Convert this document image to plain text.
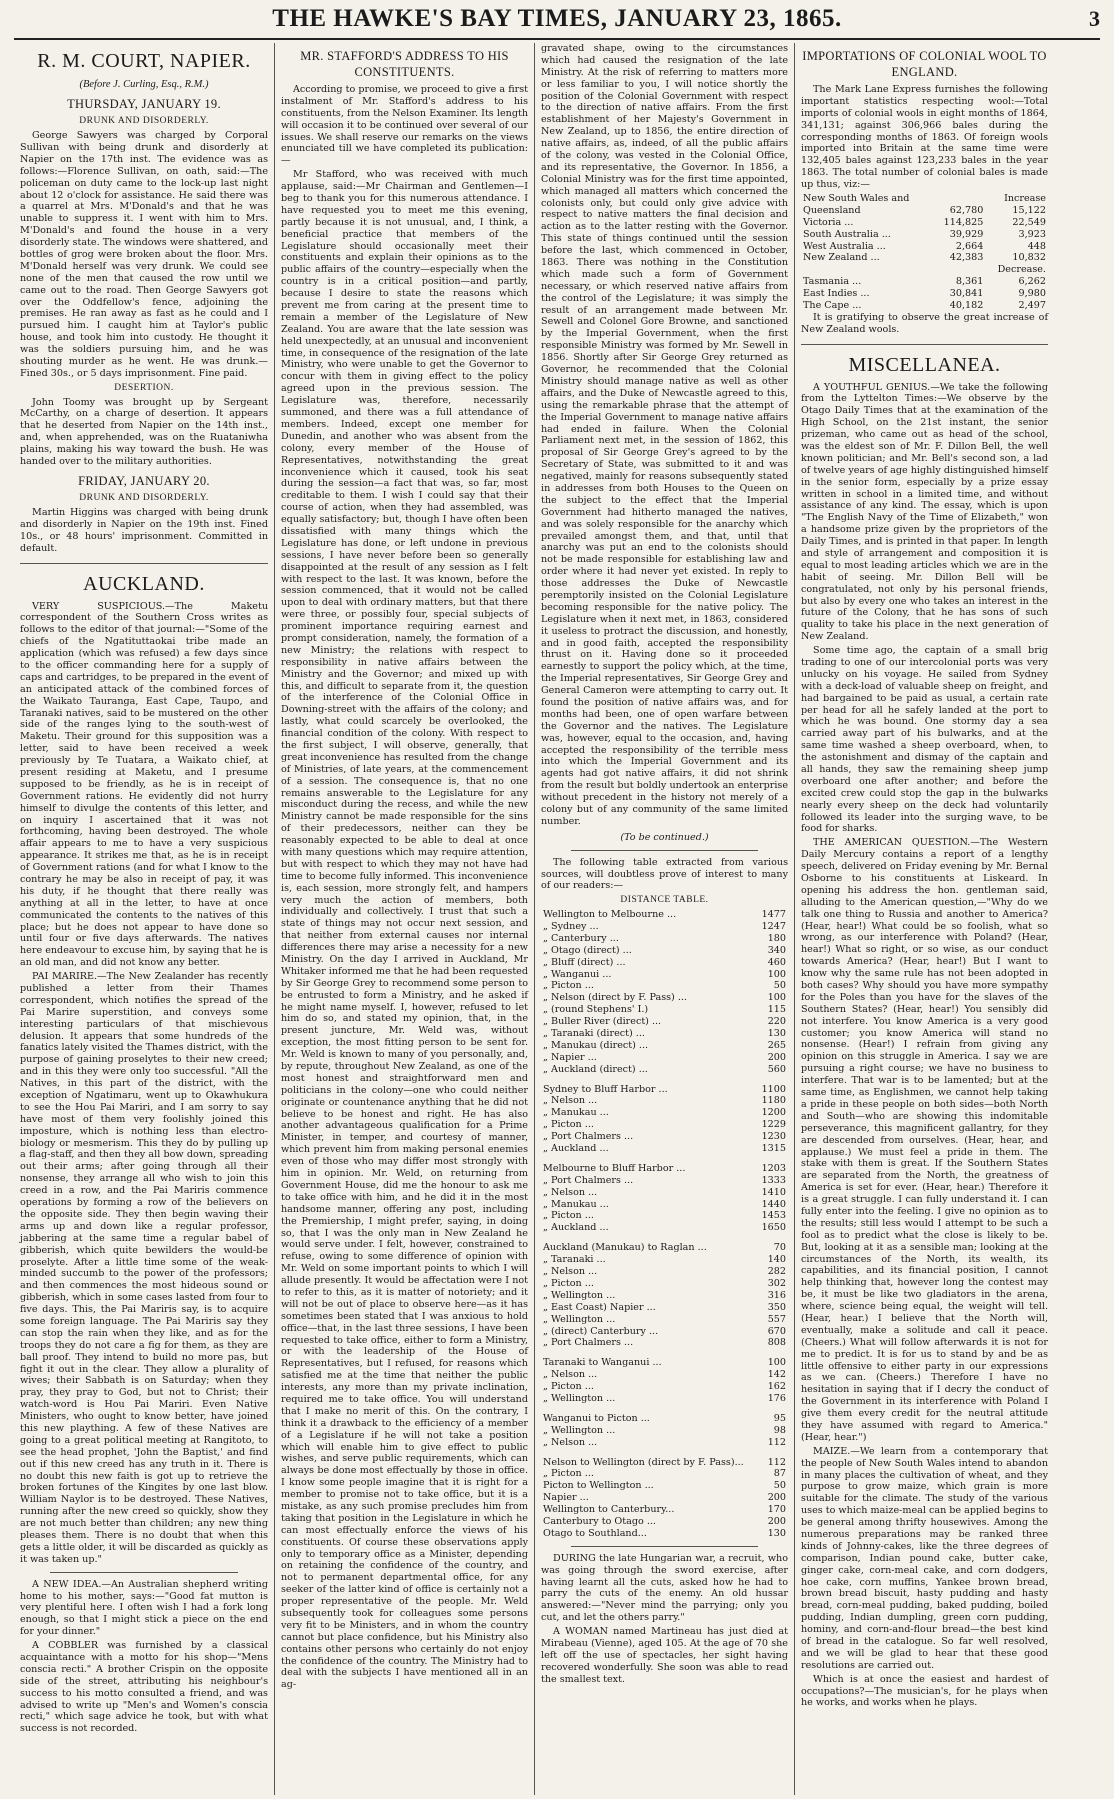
THE HAWKE'S BAY TIMES, JANUARY 23, 1865.	3
R. M. COURT, NAPIER.
(Before J. Curling, Esq., R.M.)
THURSDAY, JANUARY 19.
DRUNK AND DISORDERLY.

George Sawyers was charged by Corporal Sullivan with being drunk and disorderly at Napier on the 17th inst. The evidence was as follows:—Florence Sullivan, on oath, said:—The policeman on duty came to the lock-up last night about 12 o'clock for assistance. He said there was a quarrel at Mrs. M'Donald's and that he was unable to suppress it. I went with him to Mrs. M'Donald's and found the house in a very disorderly state. The windows were shattered, and bottles of grog were broken about the floor. Mrs. M'Donald herself was very drunk. We could see none of the men that caused the row until we came out to the road. Then George Sawyers got over the Oddfellow's fence, adjoining the premises. He ran away as fast as he could and I pursued him. I caught him at Taylor's public house, and took him into custody. He thought it was the soldiers pursuing him, and he was shouting murder as he went. He was drunk.—Fined 30s., or 5 days imprisonment. Fine paid.

DESERTION.

John Toomy was brought up by Sergeant McCarthy, on a charge of desertion. It appears that he deserted from Napier on the 14th inst., and, when apprehended, was on the Ruataniwha plains, making his way toward the bush. He was handed over to the military authorities.

FRIDAY, JANUARY 20.
DRUNK AND DISORDERLY.

Martin Higgins was charged with being drunk and disorderly in Napier on the 19th inst. Fined 10s., or 48 hours' imprisonment. Committed in default.

AUCKLAND.

VERY SUSPICIOUS.—The Maketu correspondent of the Southern Cross writes as follows to the editor of that journal:—"Some of the chiefs of the Ngatituttaokai tribe made an application (which was refused) a few days since to the officer commanding here for a supply of caps and cartridges, to be prepared in the event of an anticipated attack of the combined forces of the Waikato Tauranga, East Cape, Taupo, and Taranaki natives, said to be mustered on the other side of the ranges lying to the south-west of Maketu. Their ground for this supposition was a letter, said to have been received a week previously by Te Tuatara, a Waikato chief, at present residing at Maketu, and I presume supposed to be friendly, as he is in receipt of Government rations. He evidently did not hurry himself to divulge the contents of this letter, and on inquiry I ascertained that it was not forthcoming, having been destroyed. The whole affair appears to me to have a very suspicious appearance. It strikes me that, as he is in receipt of Government rations (and for what I know to the contrary he may be also in receipt of pay, it was his duty, if he thought that there really was anything at all in the letter, to have at once communicated the contents to the natives of this place; but he does not appear to have done so until four or five days afterwards. The natives here endeavour to excuse him, by saying that he is an old man, and did not know any better.

PAI MARIRE.—The New Zealander has recently published a letter from their Thames correspondent, which notifies the spread of the Pai Marire superstition, and conveys some interesting particulars of that mischievous delusion. It appears that some hundreds of the fanatics lately visited the Thames district, with the purpose of gaining proselytes to their new creed; and in this they were only too successful. "All the Natives, in this part of the district, with the exception of Ngatimaru, went up to Okawhukura to see the Hou Pai Mariri, and I am sorry to say have most of them very foolishly joined this imposture, which is nothing less than electro-biology or mesmerism. This they do by pulling up a flag-staff, and then they all bow down, spreading out their arms; after going through all their nonsense, they arrange all who wish to join this creed in a row, and the Pai Mariris commence operations by forming a row of the believers on the opposite side. They then begin waving their arms up and down like a regular professor, jabbering at the same time a regular babel of gibberish, which quite bewilders the would-be proselyte. After a little time some of the weak-minded succumb to the power of the professors; and then commences the most hideous sound or gibberish, which in some cases lasted from four to five days. This, the Pai Mariris say, is to acquire some foreign language. The Pai Mariris say they can stop the rain when they like, and as for the troops they do not care a fig for them, as they are ball proof. They intend to build no more pas, but fight it out in the clear. They allow a plurality of wives; their Sabbath is on Saturday; when they pray, they pray to God, but not to Christ; their watch-word is Hou Pai Mariri. Even Native Ministers, who ought to know better, have joined this new plaything. A few of these Natives are going to a great political meeting at Rangitoto, to see the head prophet, 'John the Baptist,' and find out if this new creed has any truth in it. There is no doubt this new faith is got up to retrieve the broken fortunes of the Kingites by one last blow. William Naylor is to be destroyed. These Natives, running after the new creed so quickly, show they are not much better than children; any new thing pleases them. There is no doubt that when this gets a little older, it will be discarded as quickly as it was taken up."

A NEW IDEA.—An Australian shepherd writing home to his mother, says:—"Good fat mutton is very plentiful here. I often wish I had a fork long enough, so that I might stick a piece on the end for your dinner."

A COBBLER was furnished by a classical acquaintance with a motto for his shop—"Mens conscia recti." A brother Crispin on the opposite side of the street, attributing his neighbour's success to his motto consulted a friend, and was advised to write up "Men's and Women's conscia recti," which sage advice he took, but with what success is not recorded.

MR. STAFFORD'S ADDRESS TO HIS CONSTITUENTS.

According to promise, we proceed to give a first instalment of Mr. Stafford's address to his constituents, from the Nelson Examiner. Its length will occasion it to be continued over several of our issues. We shall reserve our remarks on the views enunciated till we have completed its publication:—

Mr Stafford, who was received with much applause, said:—Mr Chairman and Gentlemen—I beg to thank you for this numerous attendance. I have requested you to meet me this evening, partly because it is not unusual, and, I think, a beneficial practice that members of the Legislature should occasionally meet their constituents and explain their opinions as to the public affairs of the country—especially when the country is in a critical position—and partly, because I desire to state the reasons which prevent me from caring at the present time to remain a member of the Legislature of New Zealand. You are aware that the late session was held unexpectedly, at an unusual and inconvenient time, in consequence of the resignation of the late Ministry, who were unable to get the Governor to concur with them in giving effect to the policy agreed upon in the previous session. The Legislature was, therefore, necessarily summoned, and there was a full attendance of members. Indeed, except one member for Dunedin, and another who was absent from the colony, every member of the House of Representatives, notwithstanding the great inconvenience which it caused, took his seat during the session—a fact that was, so far, most creditable to them. I wish I could say that their course of action, when they had assembled, was equally satisfactory; but, though I have often been dissatisfied with many things which the Legislature has done, or left undone in previous sessions, I have never before been so generally disappointed at the result of any session as I felt with respect to the last. It was known, before the session commenced, that it would not be called upon to deal with ordinary matters, but that there were three, or possibly four, special subjects of prominent importance requiring earnest and prompt consideration, namely, the formation of a new Ministry; the relations with respect to responsibility in native affairs between the Ministry and the Governor; and mixed up with this, and difficult to separate from it, the question of the interference of the Colonial Office in Downing-street with the affairs of the colony; and lastly, what could scarcely be overlooked, the financial condition of the colony. With respect to the first subject, I will observe, generally, that great inconvenience has resulted from the change of Ministries, of late years, at the commencement of a session. The consequence is, that no one remains answerable to the Legislature for any misconduct during the recess, and while the new Ministry cannot be made responsible for the sins of their predecessors, neither can they be reasonably expected to be able to deal at once with many questions which may require attention, but with respect to which they may not have had time to become fully informed. This inconvenience is, each session, more strongly felt, and hampers very much the action of members, both individually and collectively. I trust that such a state of things may not occur next session, and that neither from external causes nor internal differences there may arise a necessity for a new Ministry. On the day I arrived in Auckland, Mr Whitaker informed me that he had been requested by Sir George Grey to recommend some person to be entrusted to form a Ministry, and he asked if he might name myself. I, however, refused to let him do so, and stated my opinion, that, in the present juncture, Mr. Weld was, without exception, the most fitting person to be sent for. Mr. Weld is known to many of you personally, and, by repute, throughout New Zealand, as one of the most honest and straightforward men and politicians in the colony—one who could neither originate or countenance anything that he did not believe to be honest and right. He has also another advantageous qualification for a Prime Minister, in temper, and courtesy of manner, which prevent him from making personal enemies even of those who may differ most strongly with him in opinion. Mr. Weld, on returning from Government House, did me the honour to ask me to take office with him, and he did it in the most handsome manner, offering any post, including the Premiership, I might prefer, saying, in doing so, that I was the only man in New Zealand he would serve under. I felt, however, constrained to refuse, owing to some difference of opinion with Mr. Weld on some important points to which I will allude presently. It would be affectation were I not to refer to this, as it is matter of notoriety; and it will not be out of place to observe here—as it has sometimes been stated that I was anxious to hold office—that, in the last three sessions, I have been requested to take office, either to form a Ministry, or with the leadership of the House of Representatives, but I refused, for reasons which satisfied me at the time that neither the public interests, any more than my private inclination, required me to take office. You will understand that I make no merit of this. On the contrary, I think it a drawback to the efficiency of a member of a Legislature if he will not take a position which will enable him to give effect to public wishes, and serve public requirements, which can always be done most effectually by those in office. I know some people imagine that it is right for a member to promise not to take office, but it is a mistake, as any such promise precludes him from taking that position in the Legislature in which he can most effectually enforce the views of his constituents. Of course these observations apply only to temporary office as a Minister, depending on retaining the confidence of the country, and not to permanent departmental office, for any seeker of the latter kind of office is certainly not a proper representative of the people. Mr. Weld subsequently took for colleagues some persons very fit to be Ministers, and in whom the country cannot but place confidence, but his Ministry also contains other persons who certainly do not enjoy the confidence of the country. The Ministry had to deal with the subjects I have mentioned all in an ag-

gravated shape, owing to the circumstances which had caused the resignation of the late Ministry. At the risk of referring to matters more or less familiar to you, I will notice shortly the position of the Colonial Government with respect to the direction of native affairs. From the first establishment of her Majesty's Government in New Zealand, up to 1856, the entire direction of native affairs, as, indeed, of all the public affairs of the colony, was vested in the Colonial Office, and its representative, the Governor. In 1856, a Colonial Ministry was for the first time appointed, which managed all matters which concerned the colonists only, but could only give advice with respect to native matters the final decision and action as to the latter resting with the Governor. This state of things continued until the session before the last, which commenced in October, 1863. There was nothing in the Constitution which made such a form of Government necessary, or which reserved native affairs from the control of the Legislature; it was simply the result of an arrangement made between Mr. Sewell and Colonel Gore Browne, and sanctioned by the Imperial Government, when the first responsible Ministry was formed by Mr. Sewell in 1856. Shortly after Sir George Grey returned as Governor, he recommended that the Colonial Ministry should manage native as well as other affairs, and the Duke of Newcastle agreed to this, using the remarkable phrase that the attempt of the Imperial Government to manage native affairs had ended in failure. When the Colonial Parliament next met, in the session of 1862, this proposal of Sir George Grey's agreed to by the Secretary of State, was submitted to it and was negatived, mainly for reasons subsequently stated in addresses from both Houses to the Queen on the subject to the effect that the Imperial Government had hitherto managed the natives, and was solely responsible for the anarchy which prevailed amongst them, and that, until that anarchy was put an end to the colonists should not be made responsible for establishing law and order where it had never yet existed. In reply to those addresses the Duke of Newcastle peremptorily insisted on the Colonial Legislature becoming responsible for the native policy. The Legislature when it next met, in 1863, considered it useless to protract the discussion, and honestly, and in good faith, accepted the responsibility thrust on it. Having done so it proceeded earnestly to support the policy which, at the time, the Imperial representatives, Sir George Grey and General Cameron were attempting to carry out. It found the position of native affairs was, and for months had been, one of open warfare between the Governor and the natives. The Legislature was, however, equal to the occasion, and, having accepted the responsibility of the terrible mess into which the Imperial Government and its agents had got native affairs, it did not shrink from the result but boldly undertook an enterprise without precedent in the history not merely of a colony but of any community of the same limited number.

(To be continued.)

The following table extracted from various sources, will doubtless prove of interest to many of our readers:—

DISTANCE TABLE.
Wellington to Melbourne ...	1477
„ Sydney ...	1247
„ Canterbury ...	180
„ Otago (direct) ...	340
„ Bluff (direct) ...	460
„ Wanganui ...	100
„ Picton ...	50
„ Nelson (direct by F. Pass) ...	100
„ (round Stephens' I.)	115
„ Buller River (direct) ...	220
„ Taranaki (direct) ...	130
„ Manukau (direct) ...	265
„ Napier ...	200
„ Auckland (direct) ...	560

Sydney to Bluff Harbor ...	1100
„ Nelson ...	1180
„ Manukau ...	1200
„ Picton ...	1229
„ Port Chalmers ...	1230
„ Auckland ...	1315

Melbourne to Bluff Harbor ...	1203
„ Port Chalmers ...	1333
„ Nelson ...	1410
„ Manukau ...	1440
„ Picton ...	1453
„ Auckland ...	1650

Auckland (Manukau) to Raglan ...	70
„ Taranaki ...	140
„ Nelson ...	282
„ Picton ...	302
„ Wellington ...	316
„ East Coast) Napier ...	350
„ Wellington ...	557
„ (direct) Canterbury ...	670
„ Port Chalmers ...	808

Taranaki to Wanganui ...	100
„ Nelson ...	142
„ Picton ...	162
„ Wellington ...	176

Wanganui to Picton ...	95
„ Wellington ...	98
„ Nelson ...	112

Nelson to Wellington (direct by F. Pass)...	112
„ Picton ...	87
Picton to Wellington ...	50
Napier ...	200
Wellington to Canterbury...	170
Canterbury to Otago ...	200
Otago to Southland...	130

DURING the late Hungarian war, a recruit, who was going through the sword exercise, after having learnt all the cuts, asked how he had to parry the cuts of the enemy. An old hussar answered:—"Never mind the parrying; only you cut, and let the others parry."

A WOMAN named Martineau has just died at Mirabeau (Vienne), aged 105. At the age of 70 she left off the use of spectacles, her sight having recovered wonderfully. She soon was able to read the smallest text.

IMPORTATIONS OF COLONIAL WOOL TO ENGLAND.

The Mark Lane Express furnishes the following important statistics respecting wool:—Total imports of colonial wools in eight months of 1864, 341,131; against 306,966 bales during the corresponding months of 1863. Of foreign wools imported into Britain at the same time were 132,405 bales against 123,233 bales in the year 1863. The total number of colonial bales is made up thus, viz:—

New South Wales and		Increase
Queensland	62,780	15,122
Victoria ...	114,825	22,549
South Australia ...	39,929	3,923
West Australia ...	2,664	448
New Zealand ...	42,383	10,832
		Decrease.
Tasmania ...	8,361	6,262
East Indies ...	30,841	9,980
The Cape ...	40,182	2,497

It is gratifying to observe the great increase of New Zealand wools.

MISCELLANEA.

A YOUTHFUL GENIUS.—We take the following from the Lyttelton Times:—We observe by the Otago Daily Times that at the examination of the High School, on the 21st instant, the senior prizeman, who came out as head of the school, was the eldest son of Mr. F. Dillon Bell, the well known politician; and Mr. Bell's second son, a lad of twelve years of age highly distinguished himself in the senior form, especially by a prize essay written in school in a limited time, and without assistance of any kind. The essay, which is upon "The English Navy of the Time of Elizabeth," won a handsome prize given by the proprietors of the Daily Times, and is printed in that paper. In length and style of arrangement and composition it is equal to most leading articles which we are in the habit of seeing. Mr. Dillon Bell will be congratulated, not only by his personal friends, but also by every one who takes an interest in the future of the Colony, that he has sons of such quality to take his place in the next generation of New Zealand.

Some time ago, the captain of a small brig trading to one of our intercolonial ports was very unlucky on his voyage. He sailed from Sydney with a deck-load of valuable sheep on freight, and had bargained to be paid as usual, a certain rate per head for all he safely landed at the port to which he was bound. One stormy day a sea carried away part of his bulwarks, and at the same time washed a sheep overboard, when, to the astonishment and dismay of the captain and all hands, they saw the remaining sheep jump overboard one after another; and before the excited crew could stop the gap in the bulwarks nearly every sheep on the deck had voluntarily followed its leader into the surging wave, to be food for sharks.

THE AMERICAN QUESTION.—The Western Daily Mercury contains a report of a lengthy speech, delivered on Friday evening by Mr. Bernal Osborne to his constituents at Liskeard. In opening his address the hon. gentleman said, alluding to the American question,—"Why do we talk one thing to Russia and another to America? (Hear, hear!) What could be so foolish, what so wrong, as our interference with Poland? (Hear, hear!) What so right, or so wise, as our conduct towards America? (Hear, hear!) But I want to know why the same rule has not been adopted in both cases? Why should you have more sympathy for the Poles than you have for the slaves of the Southern States? (Hear, hear!) You sensibly did not interfere. You know America is a very good customer; you know America will stand no nonsense. (Hear!) I refrain from giving any opinion on this struggle in America. I say we are pursuing a right course; we have no business to interfere. That war is to be lamented; but at the same time, as Englishmen, we cannot help taking a pride in these people on both sides—both North and South—who are showing this indomitable perseverance, this magnificent gallantry, for they are descended from ourselves. (Hear, hear, and applause.) We must feel a pride in them. The stake with them is great. If the Southern States are separated from the North, the greatness of America is set for ever. (Hear, hear.) Therefore it is a great struggle. I can fully understand it. I can fully enter into the feeling. I give no opinion as to the results; still less would I attempt to be such a fool as to predict what the close is likely to be. But, looking at it as a sensible man; looking at the circumstances of the North, its wealth, its capabilities, and its financial position, I cannot help thinking that, however long the contest may be, it must be like two gladiators in the arena, where, science being equal, the weight will tell. (Hear, hear.) I believe that the North will, eventually, make a solitude and call it peace. (Cheers.) What will follow afterwards it is not for me to predict. It is for us to stand by and be as little offensive to either party in our expressions as we can. (Cheers.) Therefore I have no hesitation in saying that if I decry the conduct of the Government in its interference with Poland I give them every credit for the neutral attitude they have assumed with regard to America." (Hear, hear.")

MAIZE.—We learn from a contemporary that the people of New South Wales intend to abandon in many places the cultivation of wheat, and they purpose to grow maize, which grain is more suitable for the climate. The study of the various uses to which maize-meal can be applied begins to be general among thrifty housewives. Among the numerous preparations may be ranked three kinds of Johnny-cakes, like the three degrees of comparison, Indian pound cake, butter cake, ginger cake, corn-meal cake, and corn dodgers, hoe cake, corn muffins, Yankee brown bread, brown bread biscuit, hasty pudding and hasty bread, corn-meal pudding, baked pudding, boiled pudding, Indian dumpling, green corn pudding, hominy, and corn-and-flour bread—the best kind of bread in the catalogue. So far well resolved, and we will be glad to hear that these good resolutions are carried out.

Which is at once the easiest and hardest of occupations?—The musician's, for he plays when he works, and works when he plays.
